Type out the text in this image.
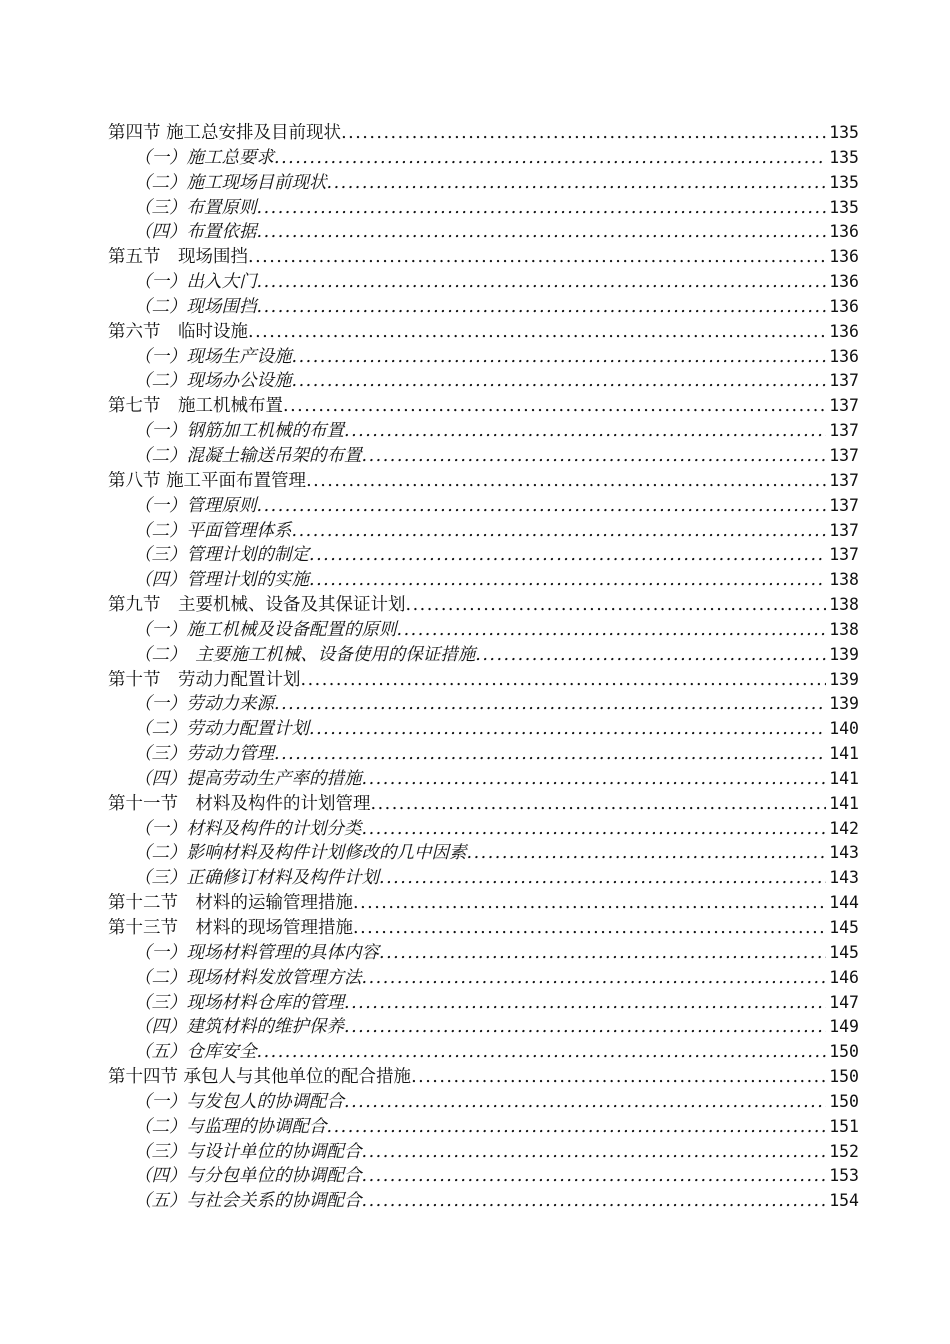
第四节 施工总安排及目前现状 .....	135
（一）施工总要求 .....	135
（二）施工现场目前现状 .....	135
（三）布置原则 .....	135
（四）布置依据 .....	136
第五节　现场围挡 .....	136
（一）出入大门 .....	136
（二）现场围挡 .....	136
第六节　临时设施 .....	136
（一）现场生产设施 .....	136
（二）现场办公设施 .....	137
第七节　施工机械布置 .....	137
（一）钢筋加工机械的布置 .....	137
（二）混凝土输送吊架的布置 .....	137
第八节 施工平面布置管理 .....	137
（一）管理原则 .....	137
（二）平面管理体系 .....	137
（三）管理计划的制定 .....	137
（四）管理计划的实施 .....	138
第九节　主要机械、设备及其保证计划 .....	138
（一）施工机械及设备配置的原则 .....	138
（二）　主要施工机械、设备使用的保证措施 .....	139
第十节　劳动力配置计划 .....	139
（一）劳动力来源 .....	139
（二）劳动力配置计划 .....	140
（三）劳动力管理 .....	141
（四）提高劳动生产率的措施 .....	141
第十一节　材料及构件的计划管理 .....	141
（一）材料及构件的计划分类 .....	142
（二）影响材料及构件计划修改的几中因素 .....	143
（三）正确修订材料及构件计划 .....	143
第十二节　材料的运输管理措施 .....	144
第十三节　材料的现场管理措施 .....	145
（一）现场材料管理的具体内容 .....	145
（二）现场材料发放管理方法 .....	146
（三）现场材料仓库的管理 .....	147
（四）建筑材料的维护保养 .....	149
（五）仓库安全 .....	150
第十四节 承包人与其他单位的配合措施 .....	150
（一）与发包人的协调配合 .....	150
（二）与监理的协调配合 .....	151
（三）与设计单位的协调配合 .....	152
（四）与分包单位的协调配合 .....	153
（五）与社会关系的协调配合 .....	154
